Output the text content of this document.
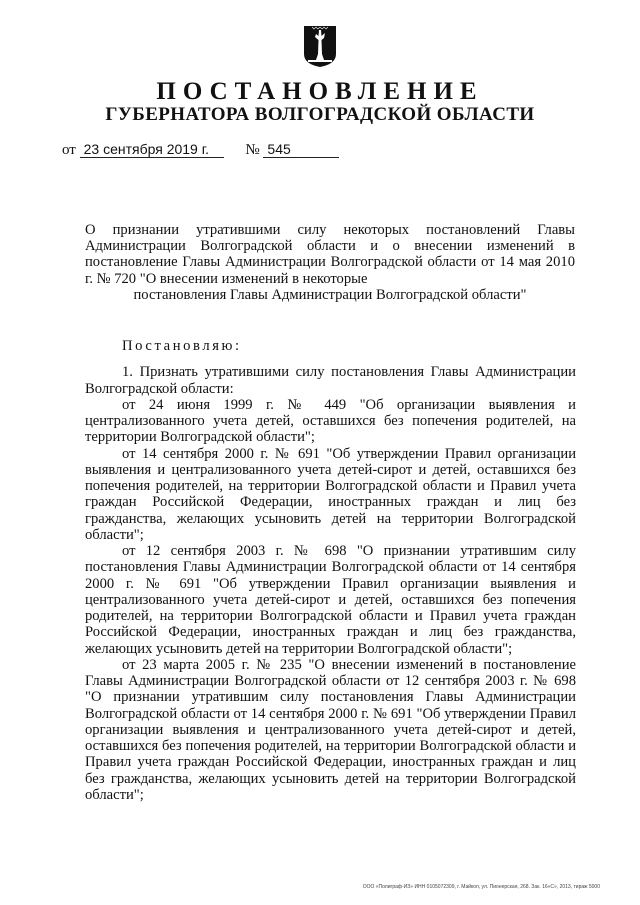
ПОСТАНОВЛЕНИЕ
ГУБЕРНАТОРА ВОЛГОГРАДСКОЙ ОБЛАСТИ
от 23 сентября 2019 г. № 545
О признании утратившими силу некоторых постановлений Главы Администрации Волгоградской области и о внесении изменений в постановление Главы Администрации Волгоградской области от 14 мая 2010 г. № 720 "О внесении изменений в некоторые
постановления Главы Администрации Волгоградской области"

Постановляю:

1. Признать утратившими силу постановления Главы Администрации Волгоградской области:

от 24 июня 1999 г. № 449 "Об организации выявления и централизованного учета детей, оставшихся без попечения родителей, на территории Волгоградской области";

от 14 сентября 2000 г. № 691 "Об утверждении Правил организации выявления и централизованного учета детей-сирот и детей, оставшихся без попечения родителей, на территории Волгоградской области и Правил учета граждан Российской Федерации, иностранных граждан и лиц без гражданства, желающих усыновить детей на территории Волгоградской области";

от 12 сентября 2003 г. № 698 "О признании утратившим силу постановления Главы Администрации Волгоградской области от 14 сентября 2000 г. № 691 "Об утверждении Правил организации выявления и централизованного учета детей-сирот и детей, оставшихся без попечения родителей, на территории Волгоградской области и Правил учета граждан Российской Федерации, иностранных граждан и лиц без гражданства, желающих усыновить детей на территории Волгоградской области";

от 23 марта 2005 г. № 235 "О внесении изменений в постановление Главы Администрации Волгоградской области от 12 сентября 2003 г. № 698 "О признании утратившим силу постановления Главы Администрации Волгоградской области от 14 сентября 2000 г. № 691 "Об утверждении Правил организации выявления и централизованного учета детей-сирот и детей, оставшихся без попечения родителей, на территории Волгоградской области и Правил учета граждан Российской Федерации, иностранных граждан и лиц без гражданства, желающих усыновить детей на территории Волгоградской области";

ООО «Полиграф-ИЗ» ИНН 0105072309, г. Майкоп, ул. Пионерская, 268. Зак. 16«С», 2013, тираж 5000
